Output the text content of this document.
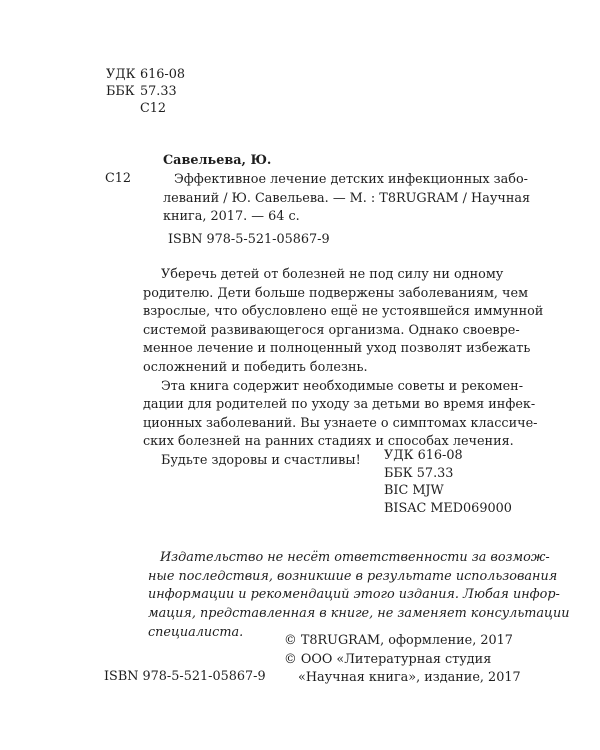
УДК 616-08
ББК 57.33
С12
Савельева, Ю.
С12	Эффективное лечение детских инфекционных забо-
леваний / Ю. Савельева. — М. : T8RUGRAM / Научная
книга, 2017. — 64 с.
ISBN 978-5-521-05867-9
Уберечь детей от болезней не под силу ни одному
родителю. Дети больше подвержены заболеваниям, чем
взрослые, что обусловлено ещё не устоявшейся иммунной
системой развивающегося организма. Однако своевре-
менное лечение и полноценный уход позволят избежать
осложнений и победить болезнь.
Эта книга содержит необходимые советы и рекомен-
дации для родителей по уходу за детьми во время инфек-
ционных заболеваний. Вы узнаете о симптомах классиче-
ских болезней на ранних стадиях и способах лечения.
Будьте здоровы и счастливы!	УДК 616-08
ББК 57.33
BIC MJW
BISAC MED069000
Издательство не несёт ответственности за возмож-
ные последствия, возникшие в результате использования
информации и рекомендаций этого издания. Любая инфор-
мация, представленная в книге, не заменяет консультации
специалиста.
© T8RUGRAM, оформление, 2017
© ООО «Литературная студия
«Научная книга», издание, 2017
ISBN 978-5-521-05867-9
